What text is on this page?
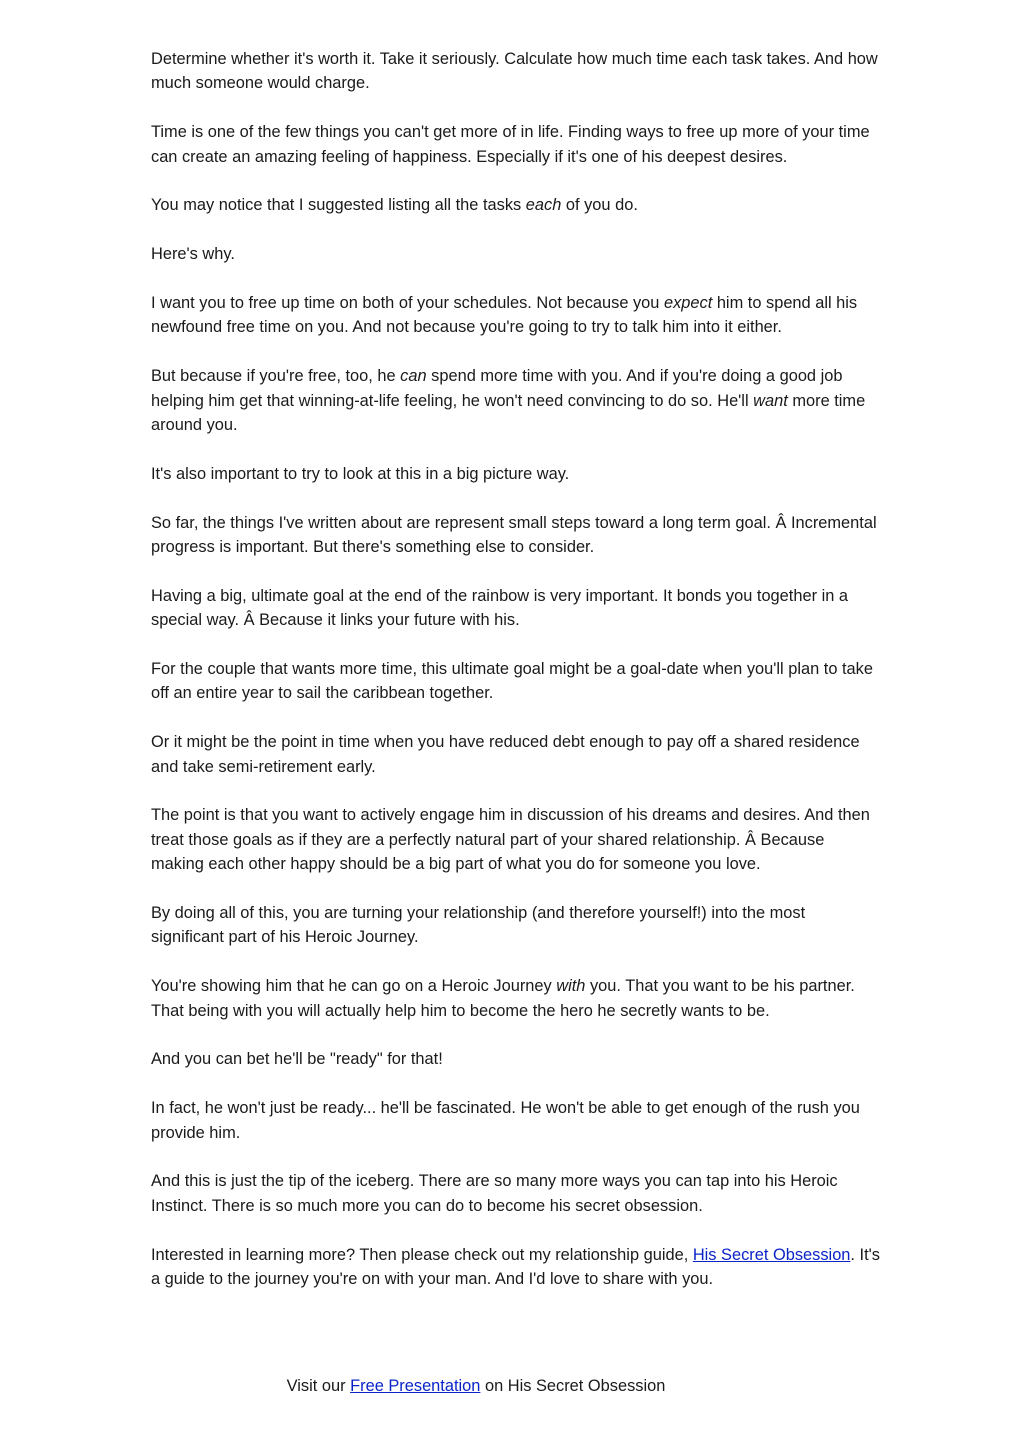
Determine whether it's worth it. Take it seriously. Calculate how much time each task takes. And how much someone would charge.

Time is one of the few things you can't get more of in life. Finding ways to free up more of your time can create an amazing feeling of happiness. Especially if it's one of his deepest desires.

You may notice that I suggested listing all the tasks each of you do.

Here's why.

I want you to free up time on both of your schedules. Not because you expect him to spend all his newfound free time on you. And not because you're going to try to talk him into it either.

But because if you're free, too, he can spend more time with you. And if you're doing a good job helping him get that winning-at-life feeling, he won't need convincing to do so. He'll want more time around you.

It's also important to try to look at this in a big picture way.

So far, the things I've written about are represent small steps toward a long term goal. Â Incremental progress is important. But there's something else to consider.

Having a big, ultimate goal at the end of the rainbow is very important. It bonds you together in a special way. Â Because it links your future with his.

For the couple that wants more time, this ultimate goal might be a goal-date when you'll plan to take off an entire year to sail the caribbean together.

Or it might be the point in time when you have reduced debt enough to pay off a shared residence and take semi-retirement early.

The point is that you want to actively engage him in discussion of his dreams and desires. And then treat those goals as if they are a perfectly natural part of your shared relationship. Â Because making each other happy should be a big part of what you do for someone you love.

By doing all of this, you are turning your relationship (and therefore yourself!) into the most significant part of his Heroic Journey.

You're showing him that he can go on a Heroic Journey with you. That you want to be his partner. That being with you will actually help him to become the hero he secretly wants to be.

And you can bet he'll be "ready" for that!

In fact, he won't just be ready... he'll be fascinated. He won't be able to get enough of the rush you provide him.

And this is just the tip of the iceberg. There are so many more ways you can tap into his Heroic Instinct. There is so much more you can do to become his secret obsession.

Interested in learning more? Then please check out my relationship guide, His Secret Obsession. It's a guide to the journey you're on with your man. And I'd love to share with you.

Visit our Free Presentation on His Secret Obsession
